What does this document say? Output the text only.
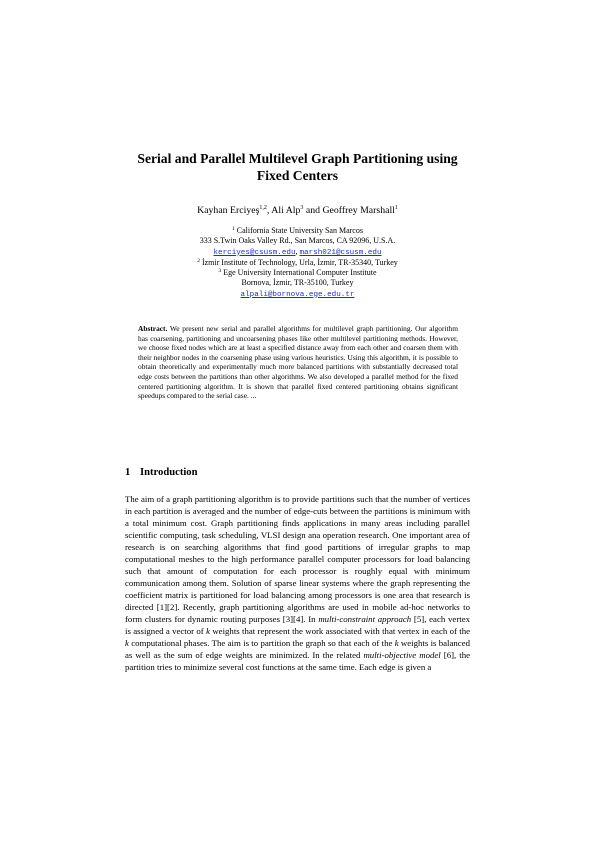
Serial and Parallel Multilevel Graph Partitioning using
Fixed Centers
Kayhan Erciyeş$^{1,2}$, Ali Alp$^3$ and Geoffrey Marshall$^1$
$^1$ California State University San Marcos
333 S.Twin Oaks Valley Rd., San Marcos, CA 92096, U.S.A.
kerciyes@csusm.edu, marsh021@csusm.edu
$^2$ İzmir Institute of Technology, Urla, İzmir, TR-35340, Turkey
$^3$ Ege University International Computer Institute
Bornova, İzmir, TR-35100, Turkey
alpali@bornova.ege.edu.tr
Abstract. We present new serial and parallel algorithms for multilevel graph partitioning. Our algorithm has coarsening, partitioning and uncoarsening phases like other multilevel partitioning methods. However, we choose fixed nodes which are at least a specified distance away from each other and coarsen them with their neighbor nodes in the coarsening phase using various heuristics. Using this algorithm, it is possible to obtain theoretically and experimentally much more balanced partitions with substantially decreased total edge costs between the partitions than other algorithms. We also developed a parallel method for the fixed centered partitioning algorithm. It is shown that parallel fixed centered partitioning obtains significant speedups compared to the serial case. ...
1 Introduction
The aim of a graph partitioning algorithm is to provide partitions such that the number of vertices in each partition is averaged and the number of edge-cuts between the partitions is minimum with a total minimum cost. Graph partitioning finds applications in many areas including parallel scientific computing, task scheduling, VLSI design ana operation research. One important area of research is on searching algorithms that find good partitions of irregular graphs to map computational meshes to the high performance parallel computer processors for load balancing such that amount of computation for each processor is roughly equal with minimum communication among them. Solution of sparse linear systems where the graph representing the coefficient matrix is partitioned for load balancing among processors is one area that research is directed [1][2]. Recently, graph partitioning algorithms are used in mobile ad-hoc networks to form clusters for dynamic routing purposes [3][4]. In multi-constraint approach [5], each vertex is assigned a vector of k weights that represent the work associated with that vertex in each of the k computational phases. The aim is to partition the graph so that each of the k weights is balanced as well as the sum of edge weights are minimized. In the related multi-objective model [6], the partition tries to minimize several cost functions at the same time. Each edge is given a
